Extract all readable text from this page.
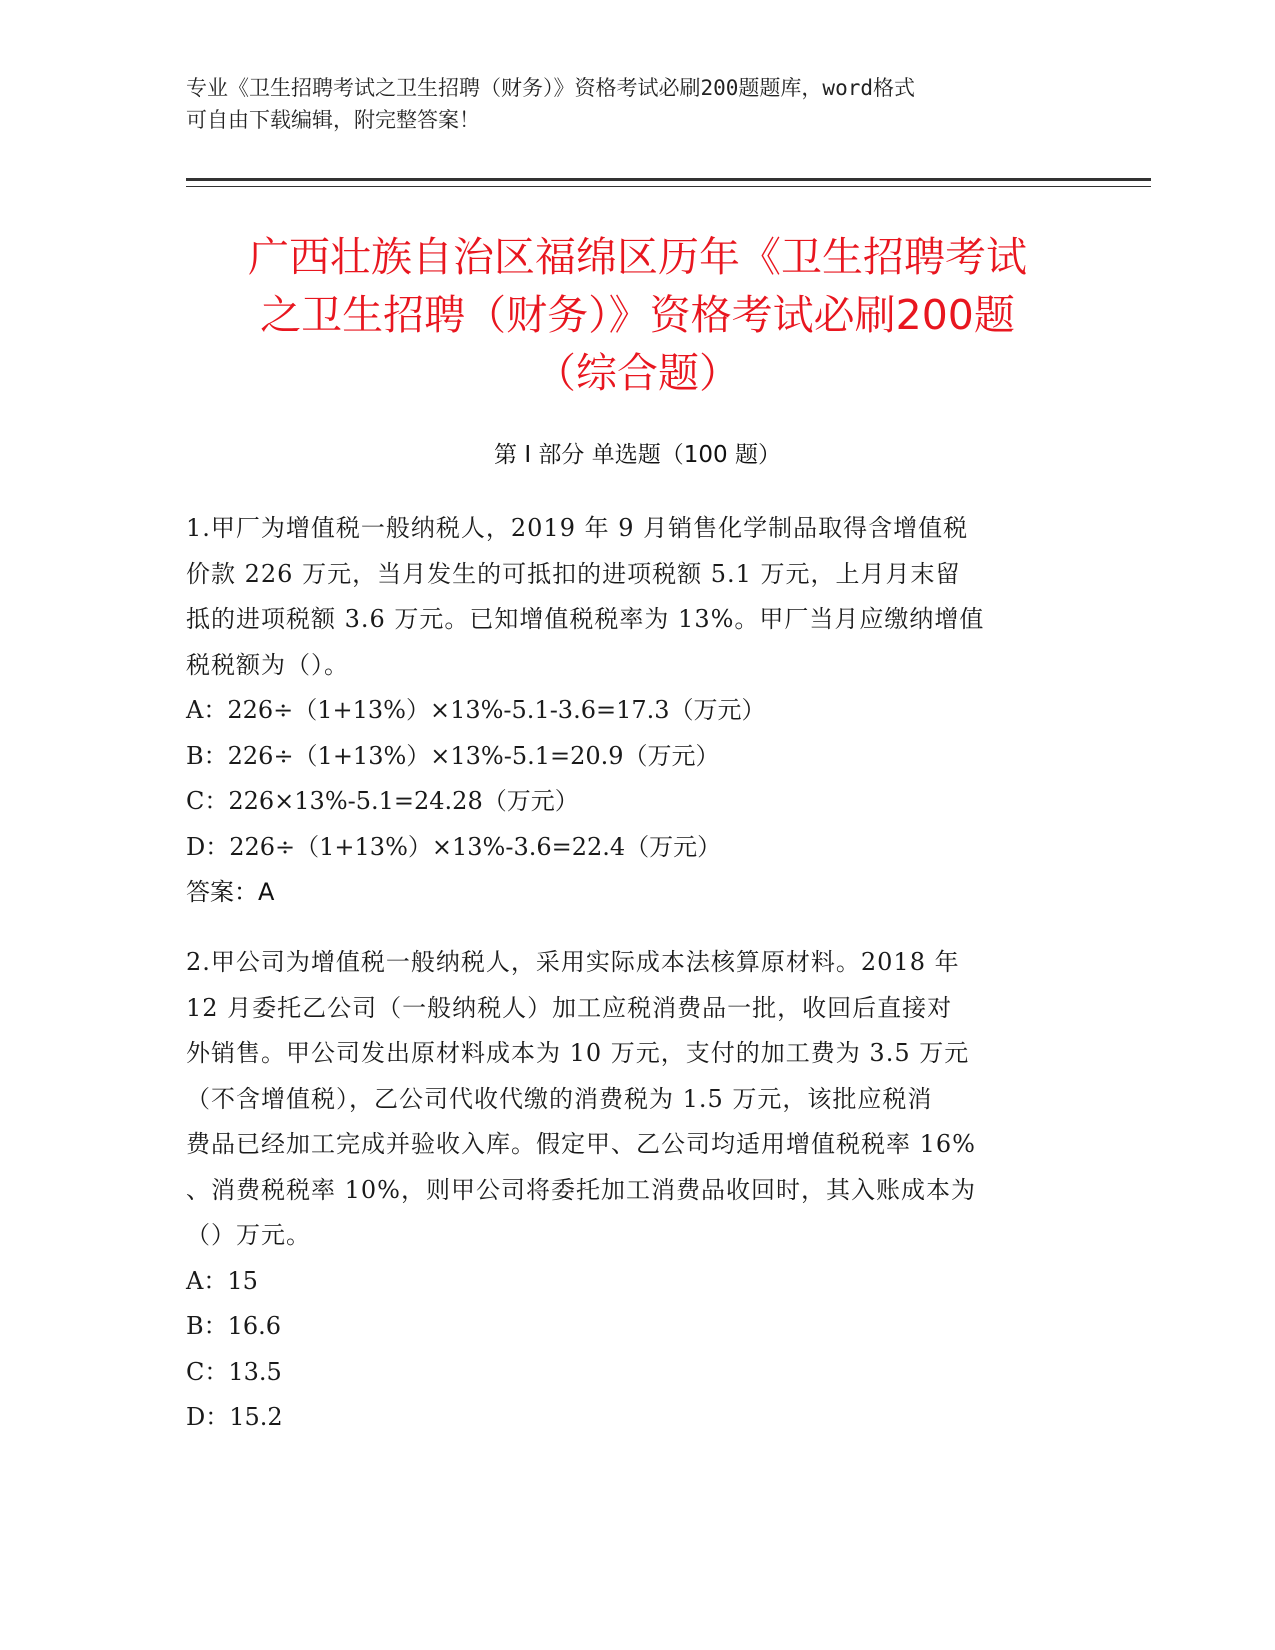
专业《卫生招聘考试之卫生招聘（财务）》资格考试必刷200题题库，word格式
可自由下载编辑，附完整答案！
广西壮族自治区福绵区历年《卫生招聘考试
之卫生招聘（财务）》资格考试必刷200题
（综合题）
第 I 部分 单选题（100 题）
1.甲厂为增值税一般纳税人，2019 年 9 月销售化学制品取得含增值税
价款 226 万元，当月发生的可抵扣的进项税额 5.1 万元，上月月末留
抵的进项税额 3.6 万元。已知增值税税率为 13%。甲厂当月应缴纳增值
税税额为（）。
A：226÷（1+13%）×13%-5.1-3.6=17.3（万元）
B：226÷（1+13%）×13%-5.1=20.9（万元）
C：226×13%-5.1=24.28（万元）
D：226÷（1+13%）×13%-3.6=22.4（万元）
答案：A
2.甲公司为增值税一般纳税人，采用实际成本法核算原材料。2018 年
12 月委托乙公司（一般纳税人）加工应税消费品一批，收回后直接对
外销售。甲公司发出原材料成本为 10 万元，支付的加工费为 3.5 万元
（不含增值税），乙公司代收代缴的消费税为 1.5 万元，该批应税消
费品已经加工完成并验收入库。假定甲、乙公司均适用增值税税率 16%
、消费税税率 10%，则甲公司将委托加工消费品收回时，其入账成本为
（）万元。
A：15
B：16.6
C：13.5
D：15.2
